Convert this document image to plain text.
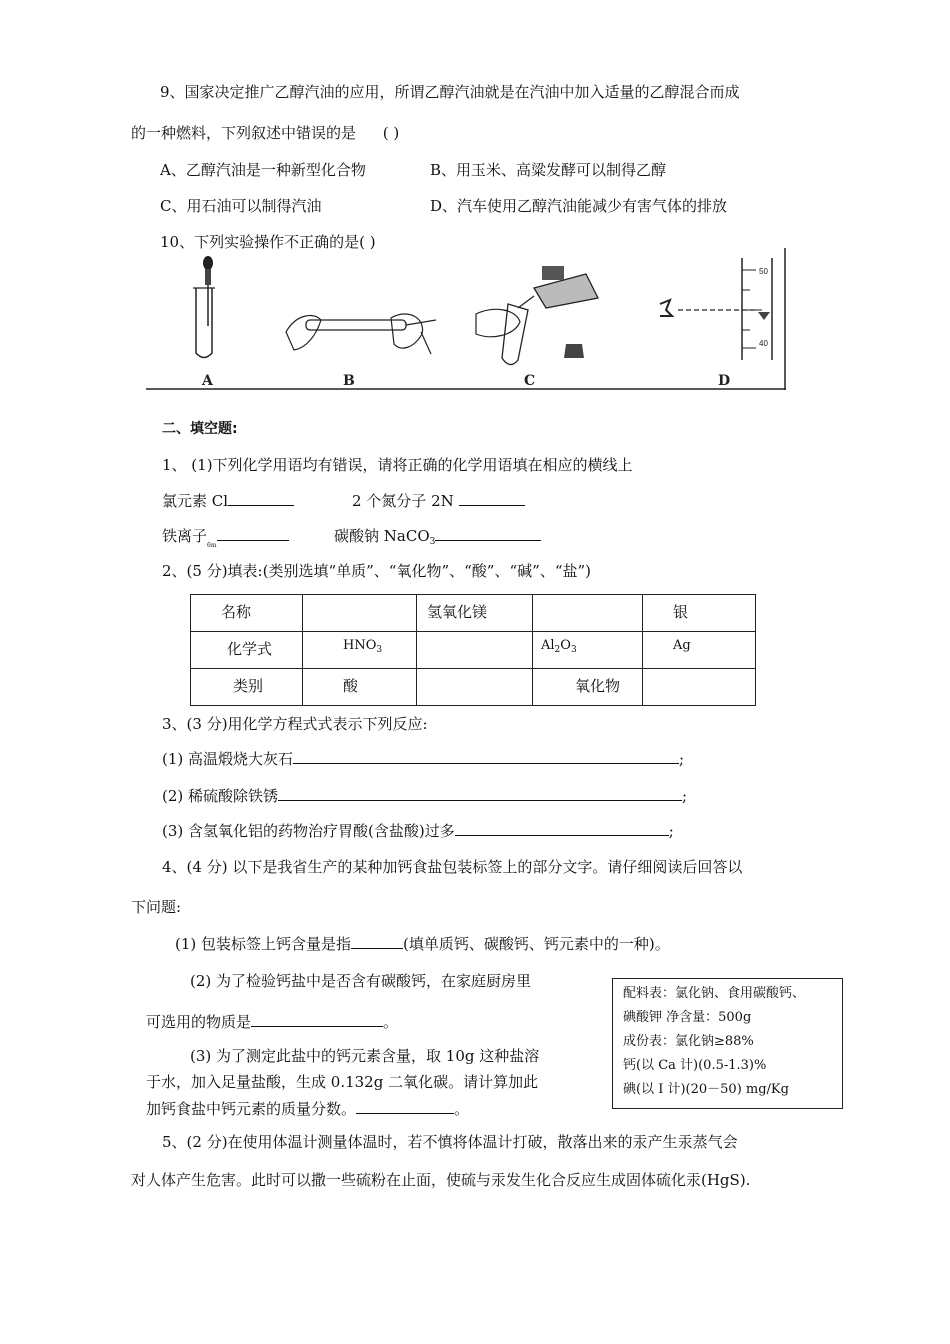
9、国家决定推广乙醇汽油的应用，所谓乙醇汽油就是在汽油中加入适量的乙醇混合而成
的一种燃料，下列叙述中错误的是 ( )
A、乙醇汽油是一种新型化合物	B、用玉米、高粱发酵可以制得乙醇
C、用石油可以制得汽油	D、汽车使用乙醇汽油能减少有害气体的排放
10、下列实验操作不正确的是( )
50
40
A	B	C	D
二、填空题:
1、 (1)下列化学用语均有错误，请将正确的化学用语填在相应的横线上
氯元素 Cl	2 个氮分子 2N
铁离子$_{6m}$
碳酸钠 NaCO$_3$
2、(5 分)填表:(类别选填“单质”、“氧化物”、“酸”、“碱”、“盐”)
名称		氢氧化镁		银
化学式	$HNO_3$		$Al_2O_3$	Ag
类别	酸		氧化物	
3、(3 分)用化学方程式式表示下列反应:
(1) 高温煅烧大灰石	;
(2) 稀硫酸除铁锈	;
(3) 含氢氧化铝的药物治疗胃酸(含盐酸)过多	;
4、(4 分) 以下是我省生产的某种加钙食盐包装标签上的部分文字。请仔细阅读后回答以
下问题:
(1) 包装标签上钙含量是指	(填单质钙、碳酸钙、钙元素中的一种)。
(2) 为了检验钙盐中是否含有碳酸钙，在家庭厨房里
可选用的物质是	。
(3) 为了测定此盐中的钙元素含量，取 10g 这种盐溶
于水，加入足量盐酸，生成 0.132g 二氧化碳。请计算加此
加钙食盐中钙元素的质量分数。	。
配料表：氯化钠、食用碳酸钙、
碘酸钾 净含量：500g
成份表：氯化钠≥88%
钙(以 Ca 计)(0.5-1.3)%
碘(以 I 计)(20－50) mg/Kg
5、(2 分)在使用体温计测量体温时，若不慎将体温计打破，散落出来的汞产生汞蒸气会
对人体产生危害。此时可以撒一些硫粉在止面，使硫与汞发生化合反应生成固体硫化汞(HgS).
